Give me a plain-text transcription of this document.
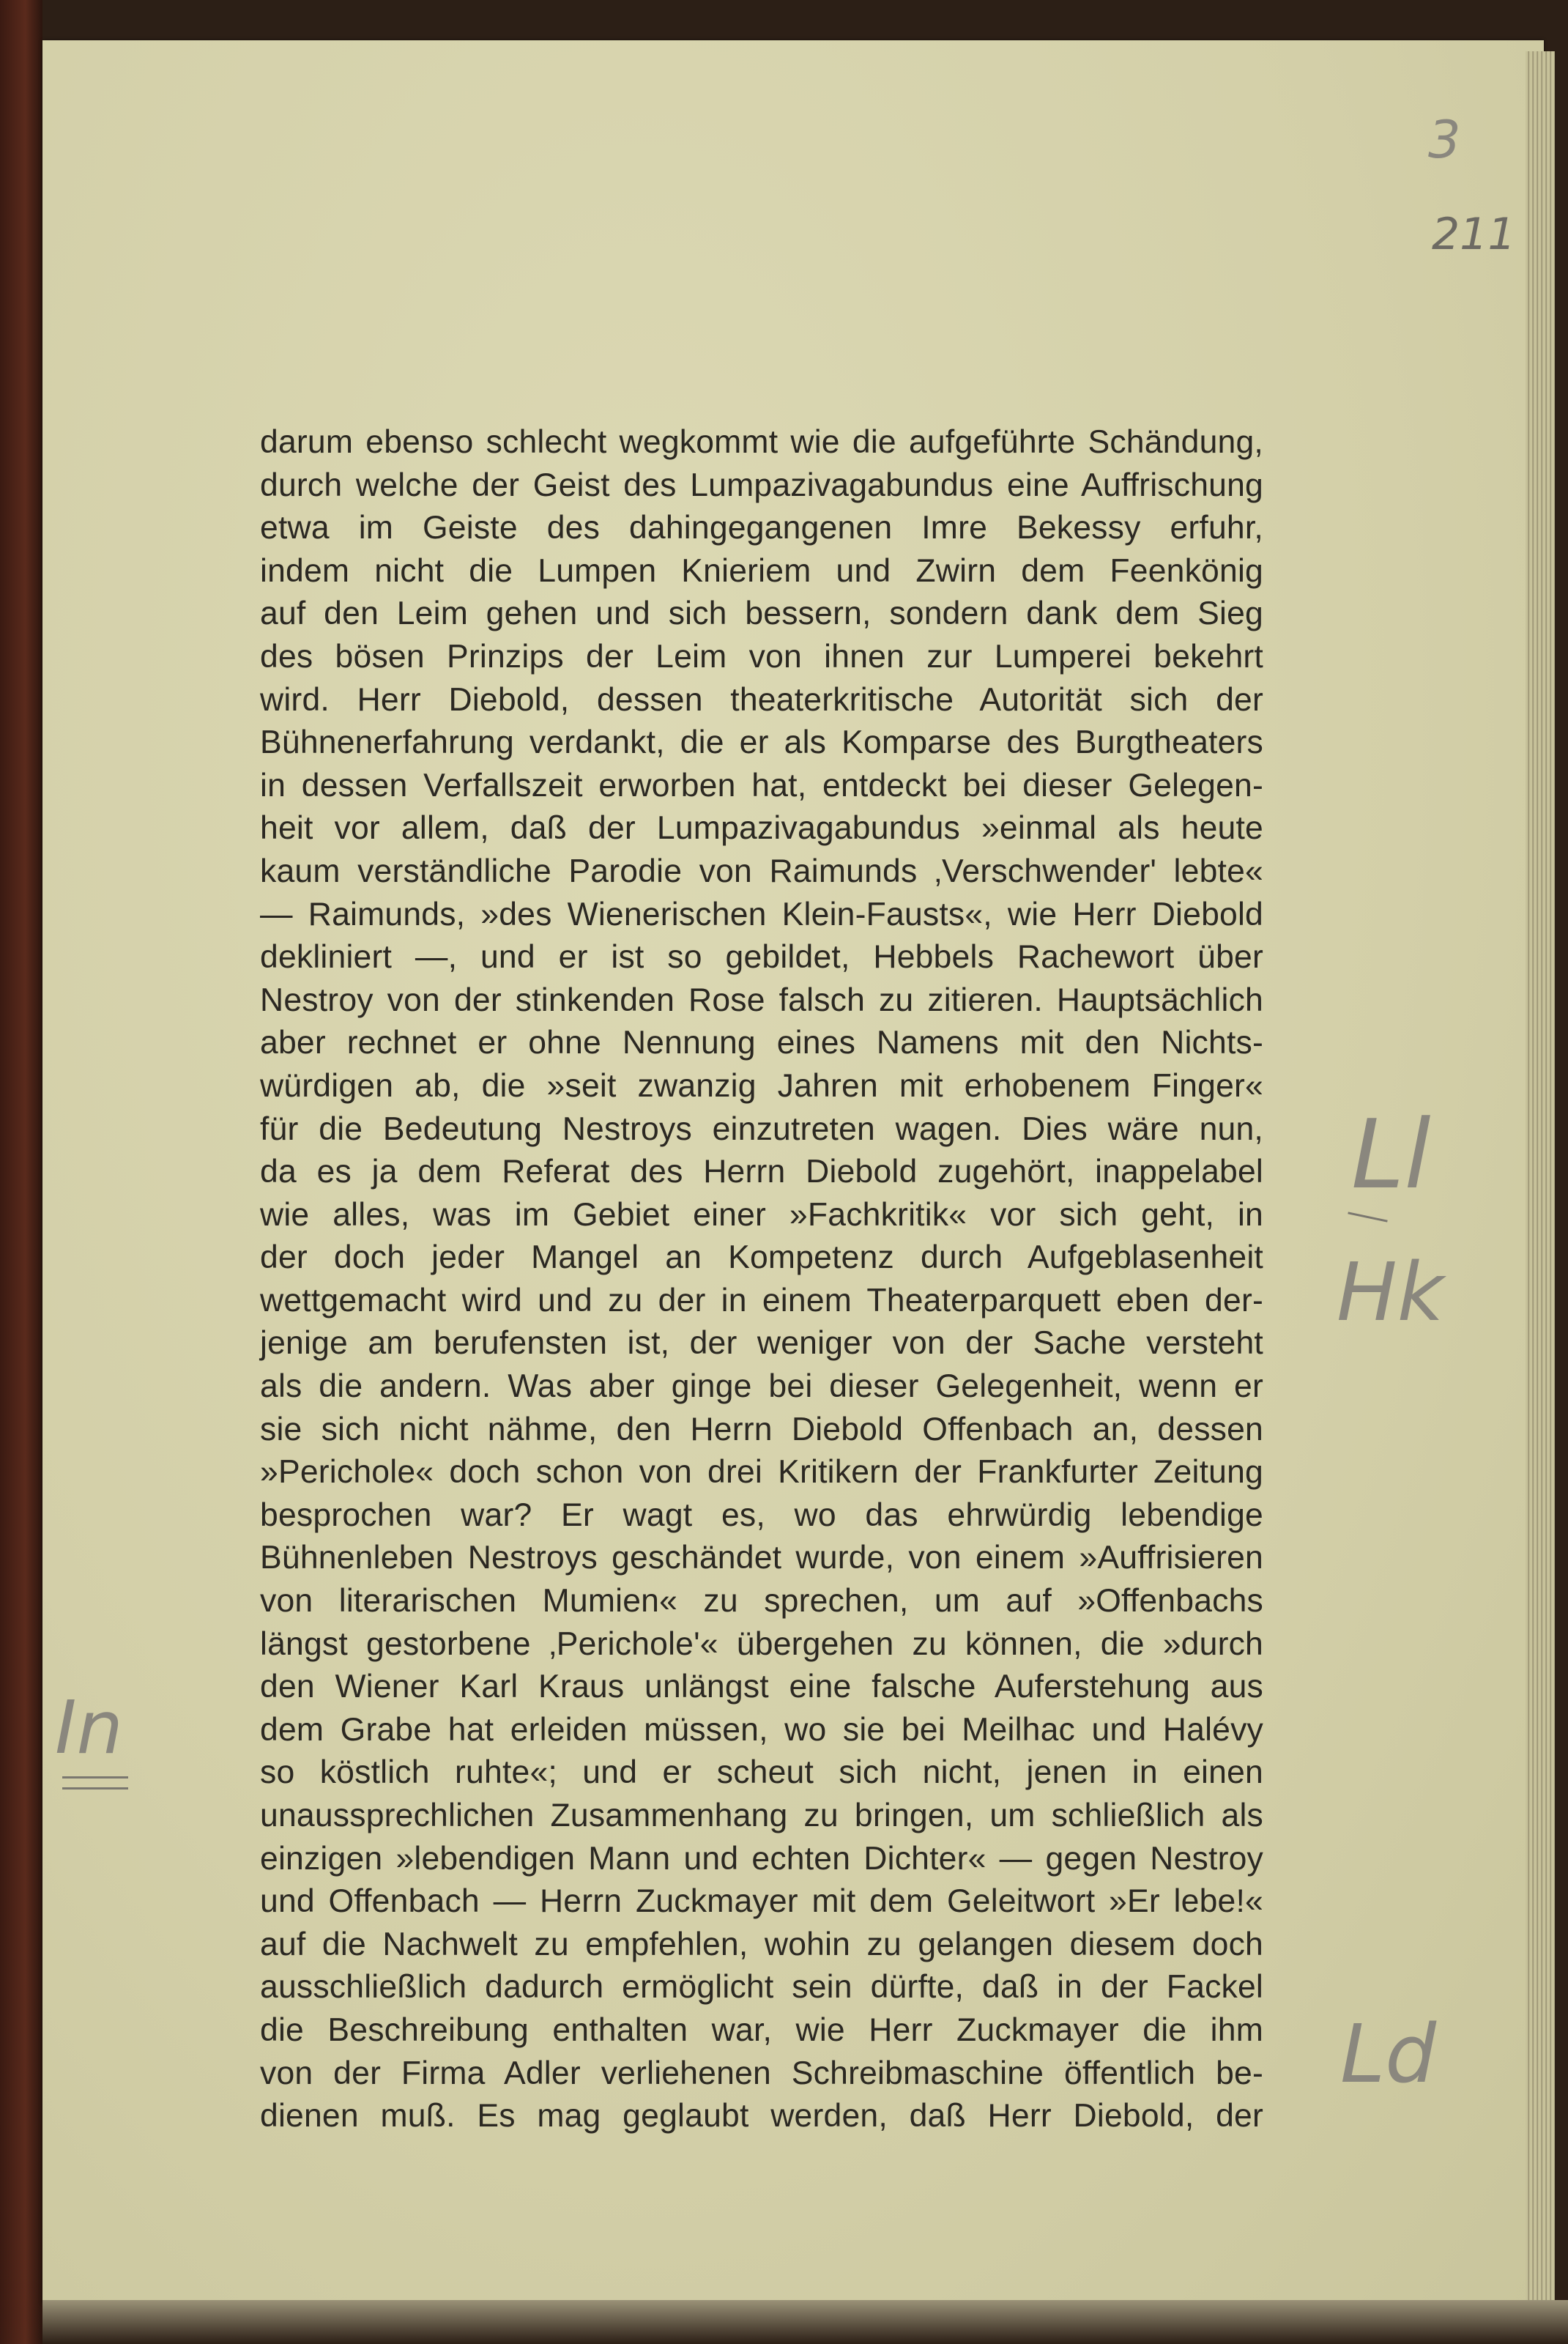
darum ebenso schlecht wegkommt wie die aufgeführte Schändung,
durch welche der Geist des Lumpazivagabundus eine Auffrischung
etwa im Geiste des dahingegangenen Imre Bekessy erfuhr,
indem nicht die Lumpen Knieriem und Zwirn dem Feenkönig
auf den Leim gehen und sich bessern, sondern dank dem Sieg
des bösen Prinzips der Leim von ihnen zur Lumperei bekehrt
wird. Herr Diebold, dessen theaterkritische Autorität sich der
Bühnenerfahrung verdankt, die er als Komparse des Burgtheaters
in dessen Verfallszeit erworben hat, entdeckt bei dieser Gelegen-
heit vor allem, daß der Lumpazivagabundus »einmal als heute
kaum verständliche Parodie von Raimunds ‚Verschwender' lebte«
— Raimunds, »des Wienerischen Klein-Fausts«, wie Herr Diebold
dekliniert —, und er ist so gebildet, Hebbels Rachewort über
Nestroy von der stinkenden Rose falsch zu zitieren. Hauptsächlich
aber rechnet er ohne Nennung eines Namens mit den Nichts-
würdigen ab, die »seit zwanzig Jahren mit erhobenem Finger«
für die Bedeutung Nestroys einzutreten wagen. Dies wäre nun,
da es ja dem Referat des Herrn Diebold zugehört, inappelabel
wie alles, was im Gebiet einer »Fachkritik« vor sich geht, in
der doch jeder Mangel an Kompetenz durch Aufgeblasenheit
wettgemacht wird und zu der in einem Theaterparquett eben der-
jenige am berufensten ist, der weniger von der Sache versteht
als die andern. Was aber ginge bei dieser Gelegenheit, wenn er
sie sich nicht nähme, den Herrn Diebold Offenbach an, dessen
»Perichole« doch schon von drei Kritikern der Frankfurter Zeitung
besprochen war? Er wagt es, wo das ehrwürdig lebendige
Bühnenleben Nestroys geschändet wurde, von einem »Auffrisieren
von literarischen Mumien« zu sprechen, um auf »Offenbachs
längst gestorbene ‚Perichole'« übergehen zu können, die »durch
den Wiener Karl Kraus unlängst eine falsche Auferstehung aus
dem Grabe hat erleiden müssen, wo sie bei Meilhac und Halévy
so köstlich ruhte«; und er scheut sich nicht, jenen in einen
unaussprechlichen Zusammenhang zu bringen, um schließlich als
einzigen »lebendigen Mann und echten Dichter« — gegen Nestroy
und Offenbach — Herrn Zuckmayer mit dem Geleitwort »Er lebe!«
auf die Nachwelt zu empfehlen, wohin zu gelangen diesem doch
ausschließlich dadurch ermöglicht sein dürfte, daß in der Fackel
die Beschreibung enthalten war, wie Herr Zuckmayer die ihm
von der Firma Adler verliehenen Schreibmaschine öffentlich be-
dienen muß. Es mag geglaubt werden, daß Herr Diebold, der
3
211
Ll
Hk
In
Ld
